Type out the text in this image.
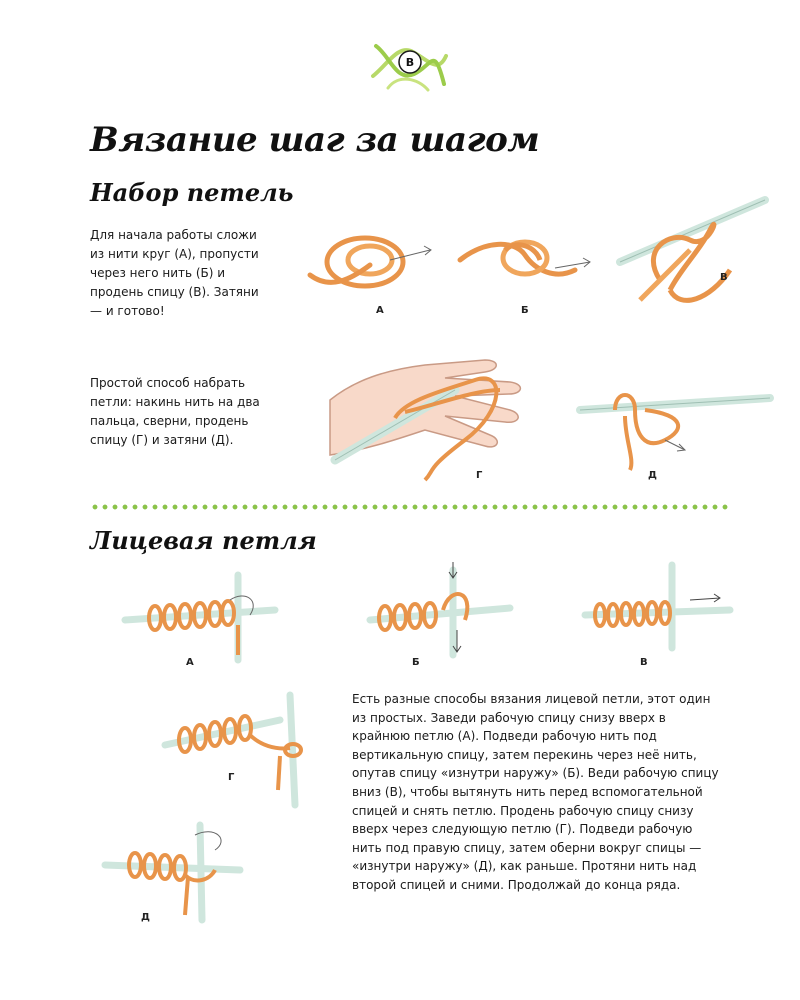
В
Вязание шаг за шагом
Набор петель

Для начала работы сложи из нити круг (А), пропусти через него нить (Б) и продень спицу (В). Затяни — и готово!	А	Б
В

Простой способ набрать петли: накинь нить на два пальца, сверни, продень спицу (Г) и затяни (Д).

Г	Д
Лицевая петля
А	Б	В
Г
Д

Есть разные способы вязания лицевой петли, этот один из простых. Заведи рабочую спицу снизу вверх в крайнюю петлю (А). Подведи рабочую нить под вертикальную спицу, затем перекинь через неё нить, опутав спицу «изнутри наружу» (Б). Веди рабочую спицу вниз (В), чтобы вытянуть нить перед вспомогательной спицей и снять петлю. Продень рабочую спицу снизу вверх через следующую петлю (Г). Подведи рабочую нить под правую спицу, затем оберни вокруг спицы — «изнутри наружу» (Д), как раньше. Протяни нить над второй спицей и сними. Продолжай до конца ряда.
